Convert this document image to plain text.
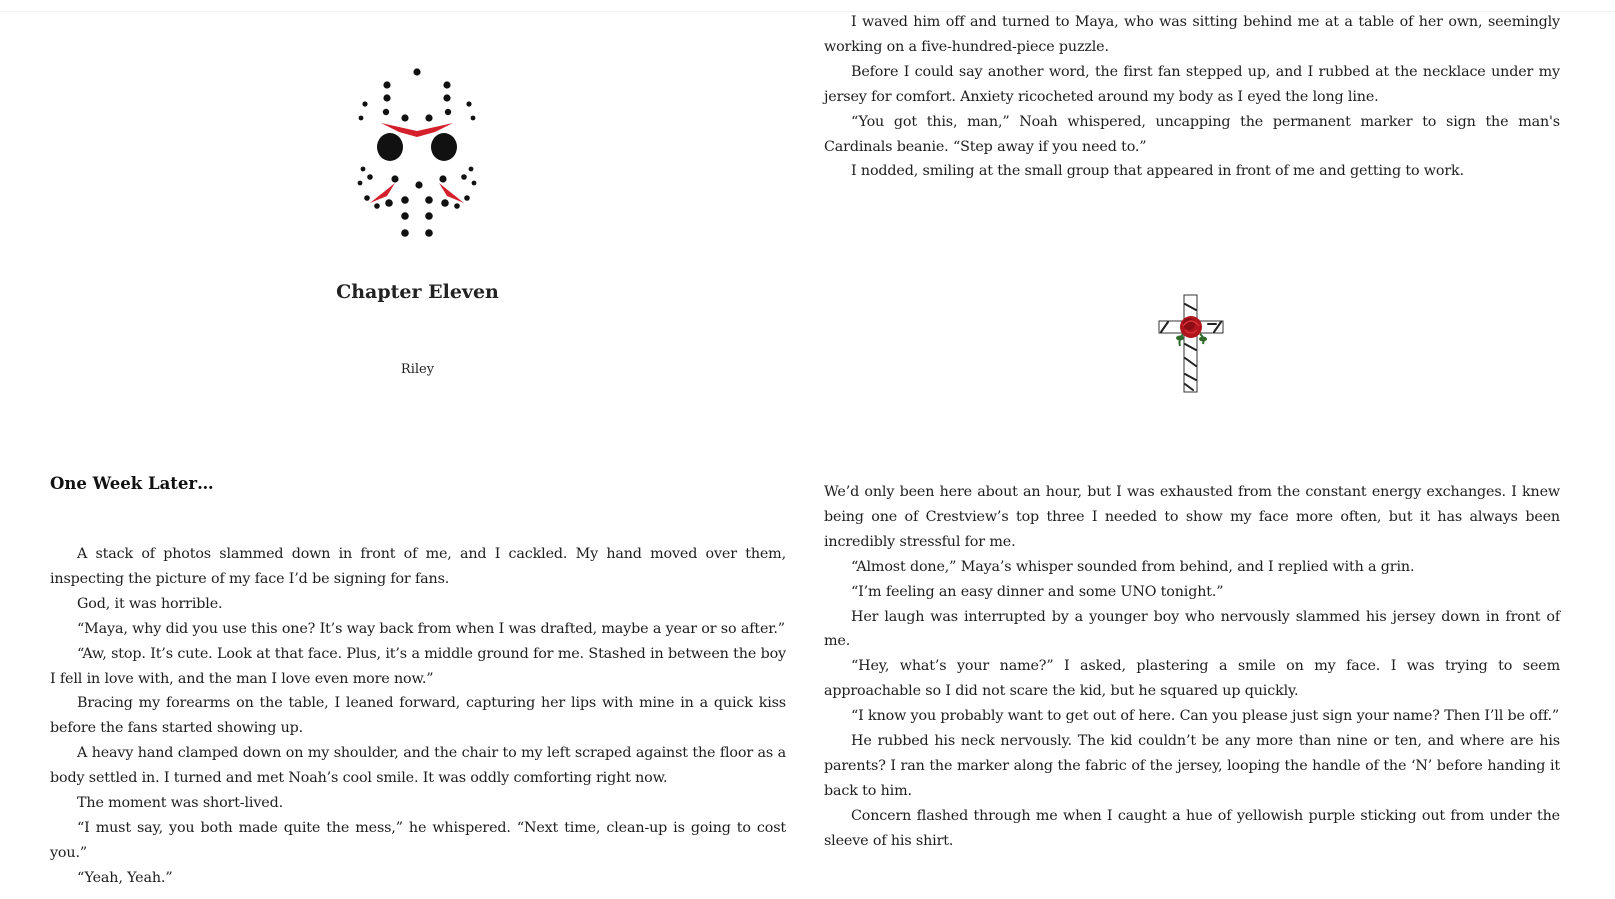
Chapter Eleven
Riley
One Week Later…

A stack of photos slammed down in front of me, and I cackled. My hand moved over them, inspecting the picture of my face I’d be signing for fans.

God, it was horrible.

“Maya, why did you use this one? It’s way back from when I was drafted, maybe a year or so after.”

“Aw, stop. It’s cute. Look at that face. Plus, it’s a middle ground for me. Stashed in between the boy I fell in love with, and the man I love even more now.”

Bracing my forearms on the table, I leaned forward, capturing her lips with mine in a quick kiss before the fans started showing up.

A heavy hand clamped down on my shoulder, and the chair to my left scraped against the floor as a body settled in. I turned and met Noah’s cool smile. It was oddly comforting right now.

The moment was short-lived.

“I must say, you both made quite the mess,” he whispered. “Next time, clean-up is going to cost you.”

“Yeah, Yeah.”

I waved him off and turned to Maya, who was sitting behind me at a table of her own, seemingly working on a five-hundred-piece puzzle.

Before I could say another word, the first fan stepped up, and I rubbed at the necklace under my jersey for comfort. Anxiety ricocheted around my body as I eyed the long line.

“You got this, man,” Noah whispered, uncapping the permanent marker to sign the man's Cardinals beanie. “Step away if you need to.”

I nodded, smiling at the small group that appeared in front of me and getting to work.

We’d only been here about an hour, but I was exhausted from the constant energy exchanges. I knew being one of Crestview’s top three I needed to show my face more often, but it has always been incredibly stressful for me.

“Almost done,” Maya’s whisper sounded from behind, and I replied with a grin.

“I’m feeling an easy dinner and some UNO tonight.”

Her laugh was interrupted by a younger boy who nervously slammed his jersey down in front of me.

“Hey, what’s your name?” I asked, plastering a smile on my face. I was trying to seem approachable so I did not scare the kid, but he squared up quickly.

“I know you probably want to get out of here. Can you please just sign your name? Then I’ll be off.”

He rubbed his neck nervously. The kid couldn’t be any more than nine or ten, and where are his parents? I ran the marker along the fabric of the jersey, looping the handle of the ‘N’ before handing it back to him.

Concern flashed through me when I caught a hue of yellowish purple sticking out from under the sleeve of his shirt.
